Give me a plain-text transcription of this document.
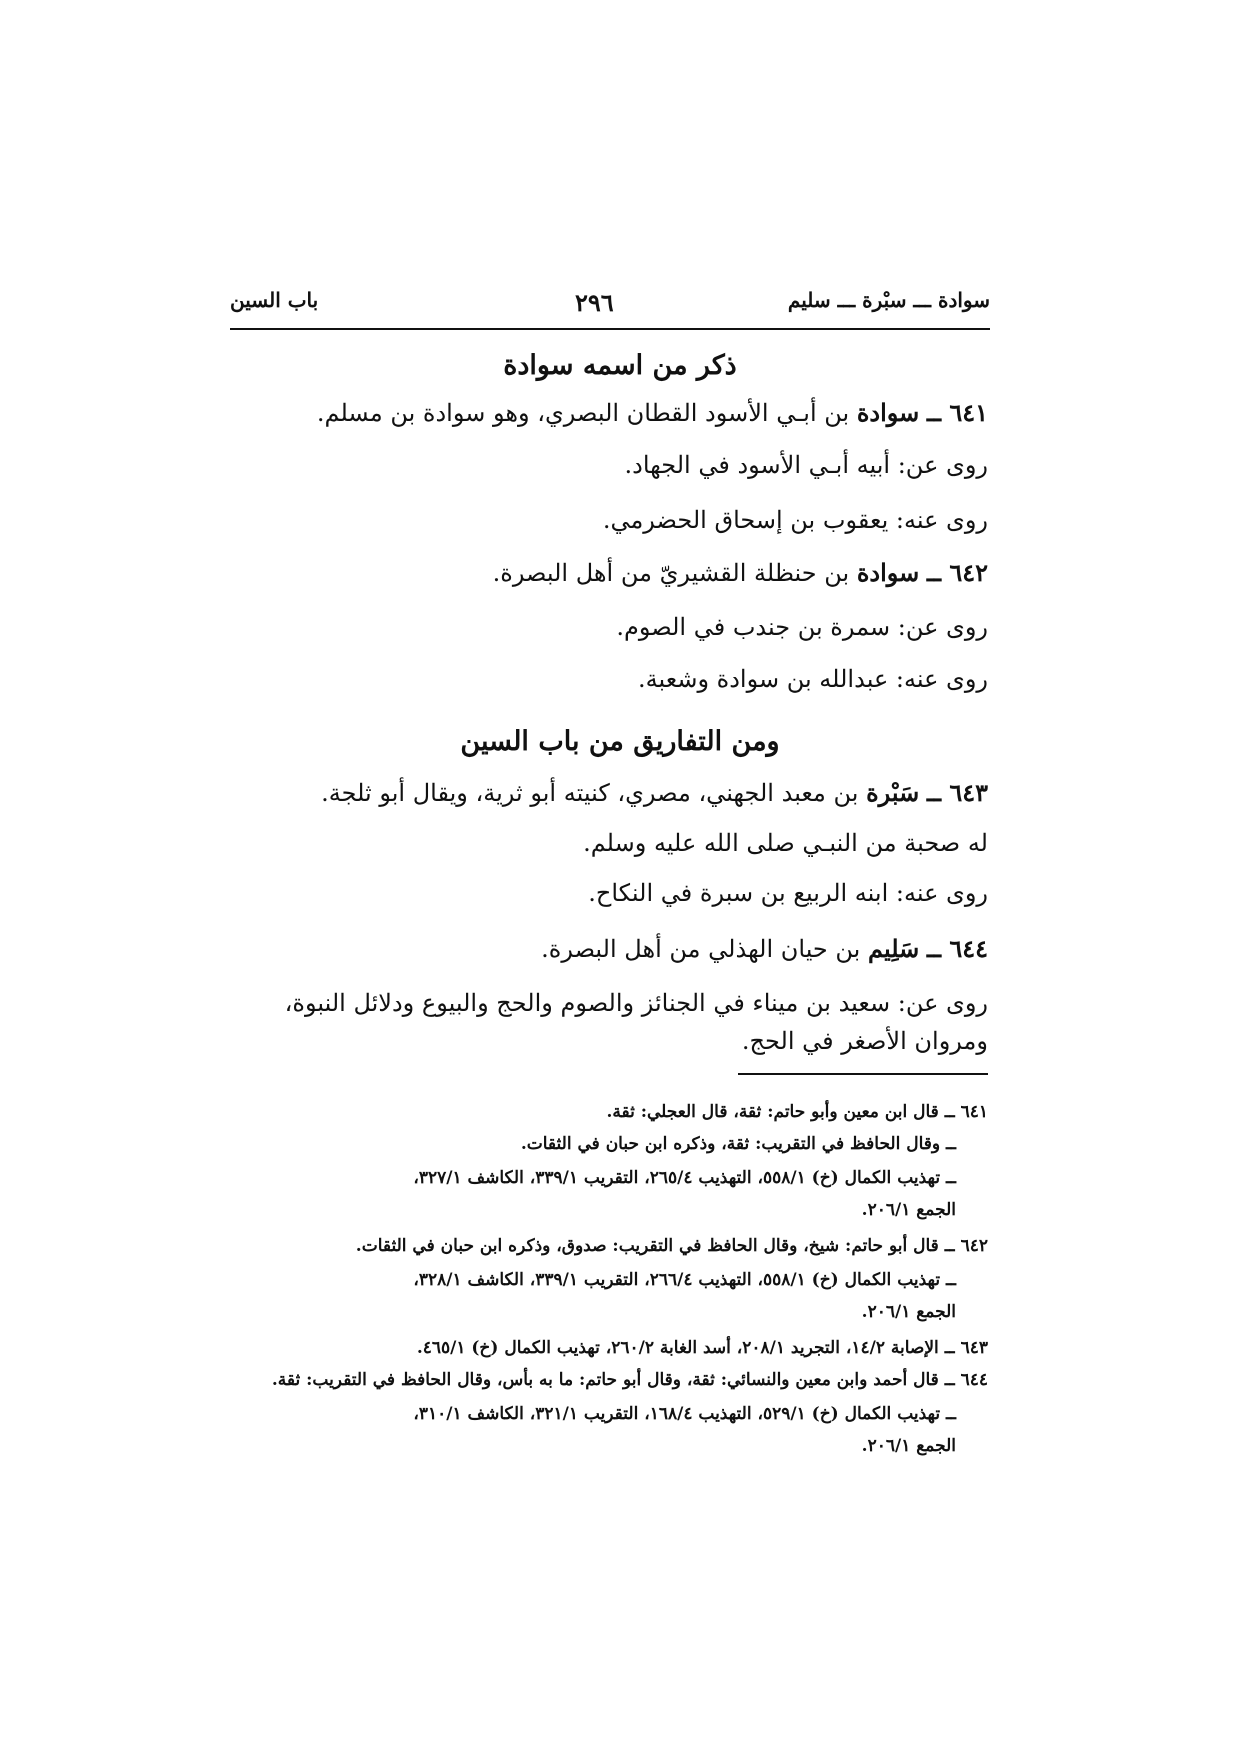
سوادة ـــ سبْرة ـــ سليم
٢٩٦
باب السين
ذكر من اسمه سوادة
٦٤١ ــ سوادة بن أبـي الأسود القطان البصري، وهو سوادة بن مسلم.
روى عن: أبيه أبـي الأسود في الجهاد.
روى عنه: يعقوب بن إسحاق الحضرمي.
٦٤٢ ــ سوادة بن حنظلة القشيريّ من أهل البصرة.
روى عن: سمرة بن جندب في الصوم.
روى عنه: عبدالله بن سوادة وشعبة.
ومن التفاريق من باب السين
٦٤٣ ــ سَبْرة بن معبد الجهني، مصري، كنيته أبو ثرية، ويقال أبو ثلجة.
له صحبة من النبـي صلى الله عليه وسلم.
روى عنه: ابنه الربيع بن سبرة في النكاح.
٦٤٤ ــ سَلِيم بن حيان الهذلي من أهل البصرة.
روى عن: سعيد بن ميناء في الجنائز والصوم والحج والبيوع ودلائل النبوة،
ومروان الأصغر في الحج.
٦٤١ ــ قال ابن معين وأبو حاتم: ثقة، قال العجلي: ثقة.
ــ وقال الحافظ في التقريب: ثقة، وذكره ابن حبان في الثقات.
ــ تهذيب الكمال (خ) ٥٥٨/١، التهذيب ٢٦٥/٤، التقريب ٣٣٩/١، الكاشف ٣٢٧/١،
الجمع ٢٠٦/١.
٦٤٢ ــ قال أبو حاتم: شيخ، وقال الحافظ في التقريب: صدوق، وذكره ابن حبان في الثقات.
ــ تهذيب الكمال (خ) ٥٥٨/١، التهذيب ٢٦٦/٤، التقريب ٣٣٩/١، الكاشف ٣٢٨/١،
الجمع ٢٠٦/١.
٦٤٣ ــ الإصابة ١٤/٢، التجريد ٢٠٨/١، أسد الغابة ٢٦٠/٢، تهذيب الكمال (خ) ٤٦٥/١.
٦٤٤ ــ قال أحمد وابن معين والنسائي: ثقة، وقال أبو حاتم: ما به بأس، وقال الحافظ في التقريب: ثقة.
ــ تهذيب الكمال (خ) ٥٢٩/١، التهذيب ١٦٨/٤، التقريب ٣٢١/١، الكاشف ٣١٠/١،
الجمع ٢٠٦/١.
